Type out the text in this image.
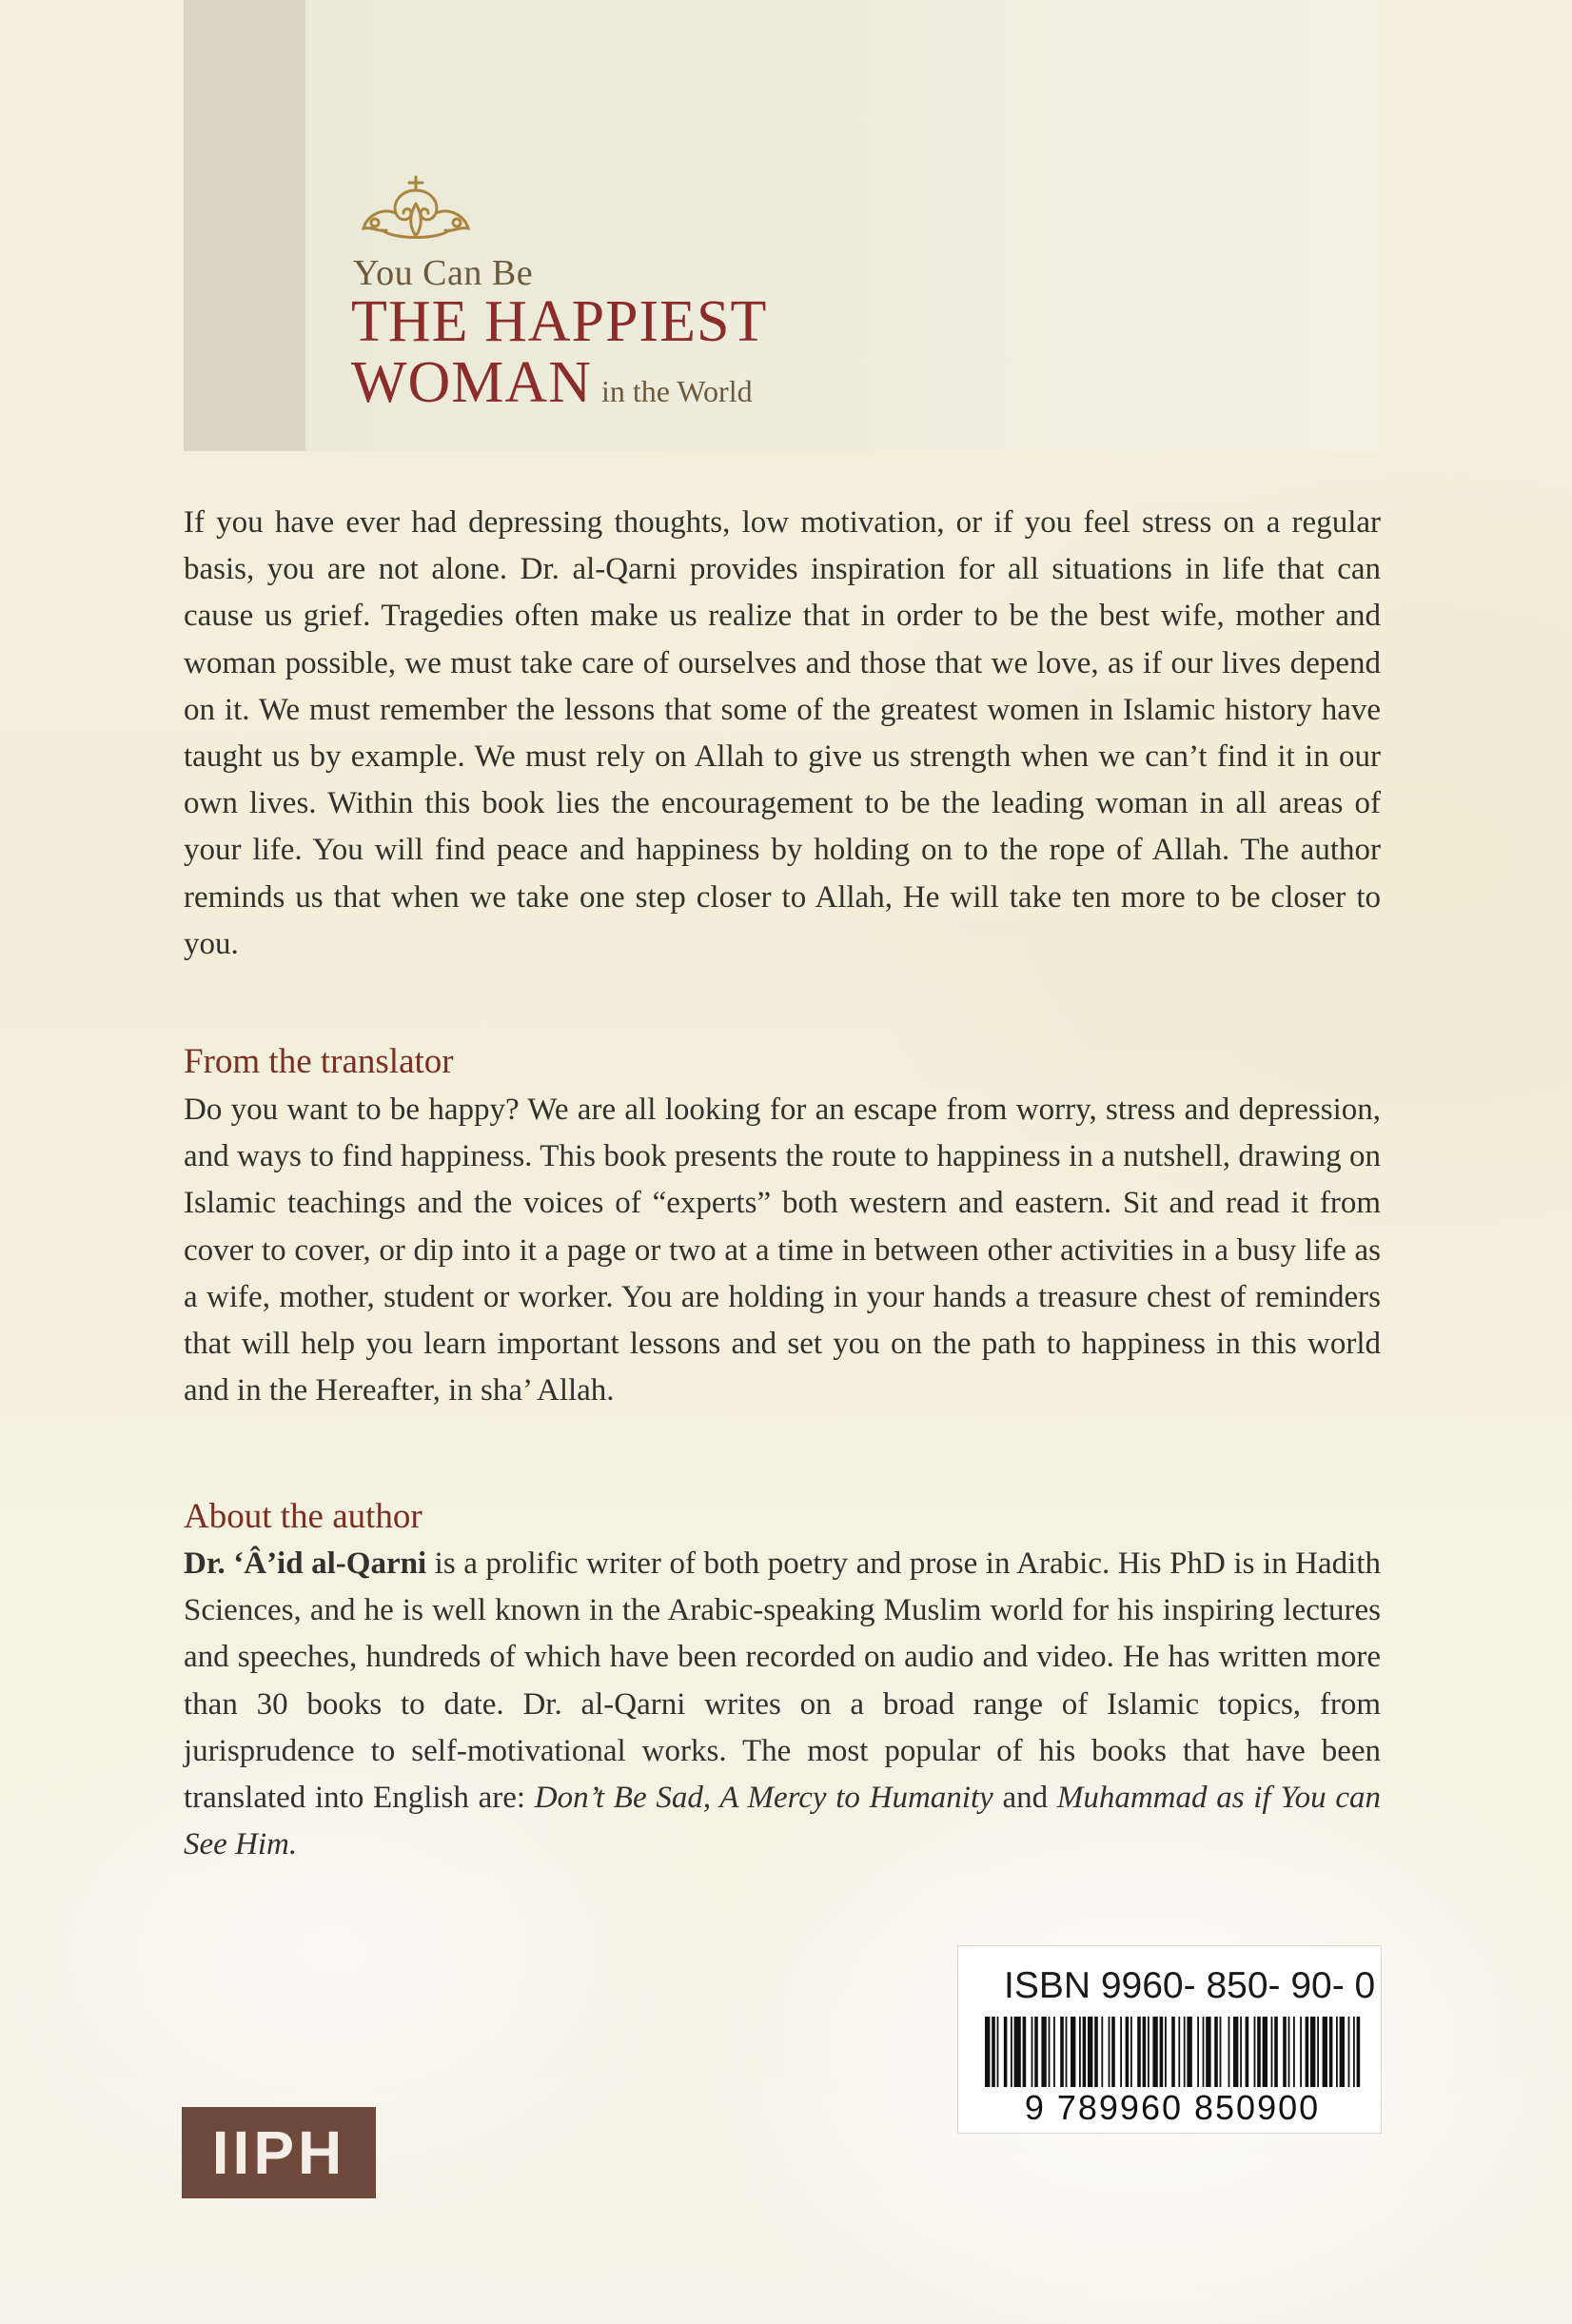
You Can Be
THE HAPPIEST
WOMAN in the World
If you have ever had depressing thoughts, low motivation, or if you feel stress on a regular basis, you are not alone. Dr. al-Qarni provides inspiration for all situations in life that can cause us grief. Tragedies often make us realize that in order to be the best wife, mother and woman possible, we must take care of ourselves and those that we love, as if our lives depend on it. We must remember the lessons that some of the greatest women in Islamic history have taught us by example. We must rely on Allah to give us strength when we can’t find it in our own lives. Within this book lies the encouragement to be the leading woman in all areas of your life. You will find peace and happiness by holding on to the rope of Allah. The author reminds us that when we take one step closer to Allah, He will take ten more to be closer to you.
From the translator
Do you want to be happy? We are all looking for an escape from worry, stress and depression, and ways to find happiness. This book presents the route to happiness in a nutshell, drawing on Islamic teachings and the voices of “experts” both western and eastern. Sit and read it from cover to cover, or dip into it a page or two at a time in between other activities in a busy life as a wife, mother, student or worker. You are holding in your hands a treasure chest of reminders that will help you learn important lessons and set you on the path to happiness in this world and in the Hereafter, in sha’ Allah.
About the author
Dr. ‘Â’id al-Qarni is a prolific writer of both poetry and prose in Arabic. His PhD is in Hadith Sciences, and he is well known in the Arabic-speaking Muslim world for his inspiring lectures and speeches, hundreds of which have been recorded on audio and video. He has written more than 30 books to date. Dr. al-Qarni writes on a broad range of Islamic topics, from jurisprudence to self-motivational works. The most popular of his books that have been translated into English are: Don’t Be Sad, A Mercy to Humanity and Muhammad as if You can See Him.
ISBN 9960- 850- 90- 0
9 789960 850900
IIPH
